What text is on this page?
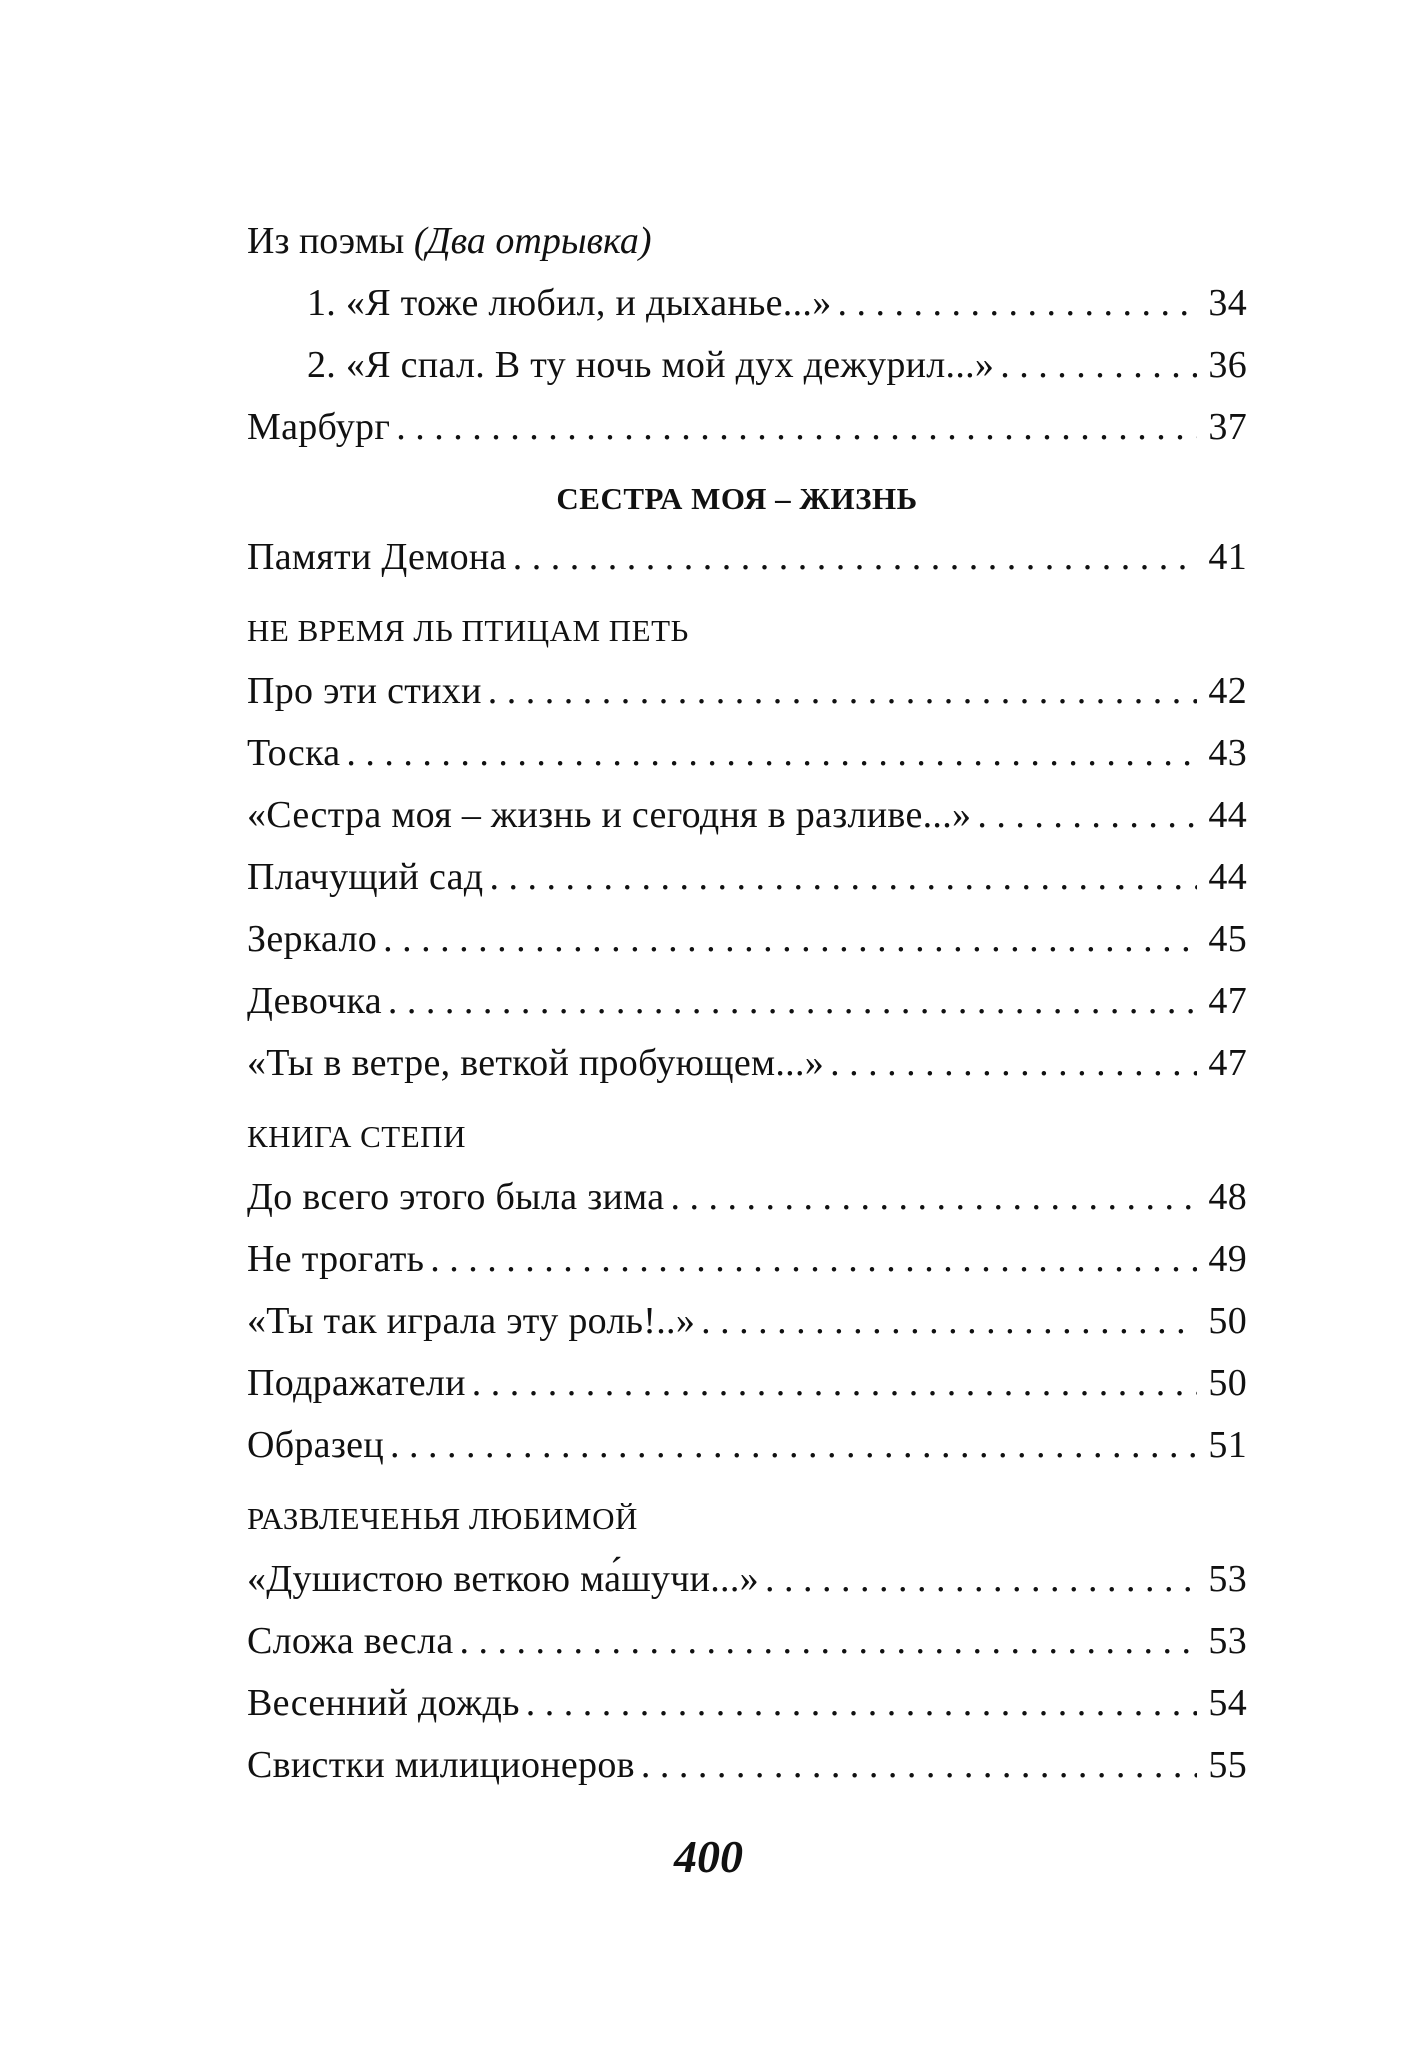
Из поэмы (Два отрывка)
1. «Я тоже любил, и дыханье...» . . .	34
2. «Я спал. В ту ночь мой дух дежурил...» . . .	36
Марбург . . .	37
СЕСТРА МОЯ – ЖИЗНЬ
Памяти Демона . . .	41
НЕ ВРЕМЯ ЛЬ ПТИЦАМ ПЕТЬ
Про эти стихи . . .	42
Тоска . . .	43
«Сестра моя – жизнь и сегодня в разливе...» . . .	44
Плачущий сад . . .	44
Зеркало . . .	45
Девочка . . .	47
«Ты в ветре, веткой пробующем...» . . .	47
КНИГА СТЕПИ
До всего этого была зима . . .	48
Не трогать . . .	49
«Ты так играла эту роль!..» . . .	50
Подражатели . . .	50
Образец . . .	51
РАЗВЛЕЧЕНЬЯ ЛЮБИМОЙ
«Душистою веткою ма́шучи...» . . .	53
Сложа весла . . .	53
Весенний дождь . . .	54
Свистки милиционеров . . .	55
400
